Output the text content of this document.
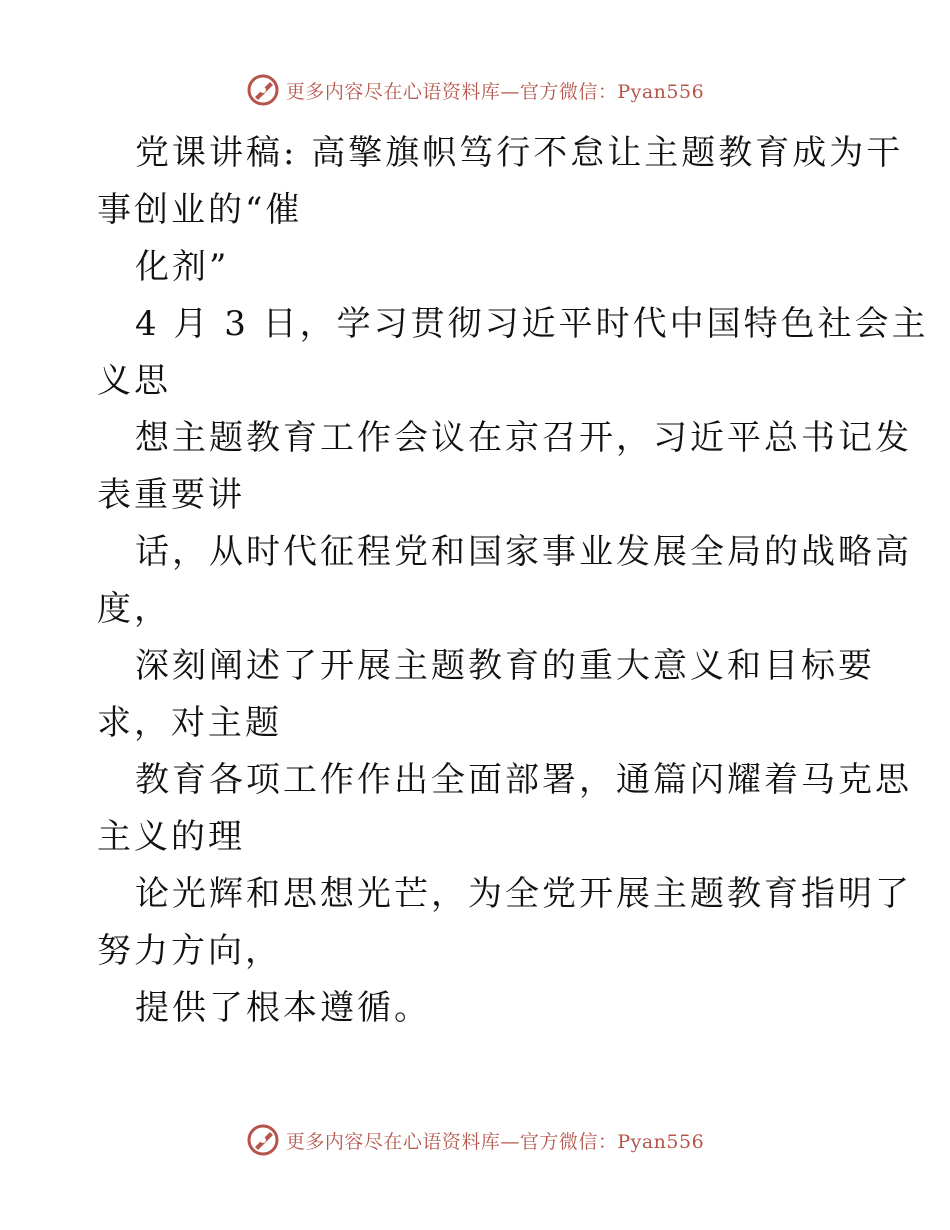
更多内容尽在心语资料库—官方微信：Pyan556

党课讲稿: 高擎旗帜笃行不怠让主题教育成为干
事创业的“催

化剂”

4 月 3 日，学习贯彻习近平时代中国特色社会主
义思

想主题教育工作会议在京召开，习近平总书记发
表重要讲

话，从时代征程党和国家事业发展全局的战略高
度，

深刻阐述了开展主题教育的重大意义和目标要
求，对主题

教育各项工作作出全面部署，通篇闪耀着马克思
主义的理

论光辉和思想光芒，为全党开展主题教育指明了
努力方向，

提供了根本遵循。

更多内容尽在心语资料库—官方微信：Pyan556
